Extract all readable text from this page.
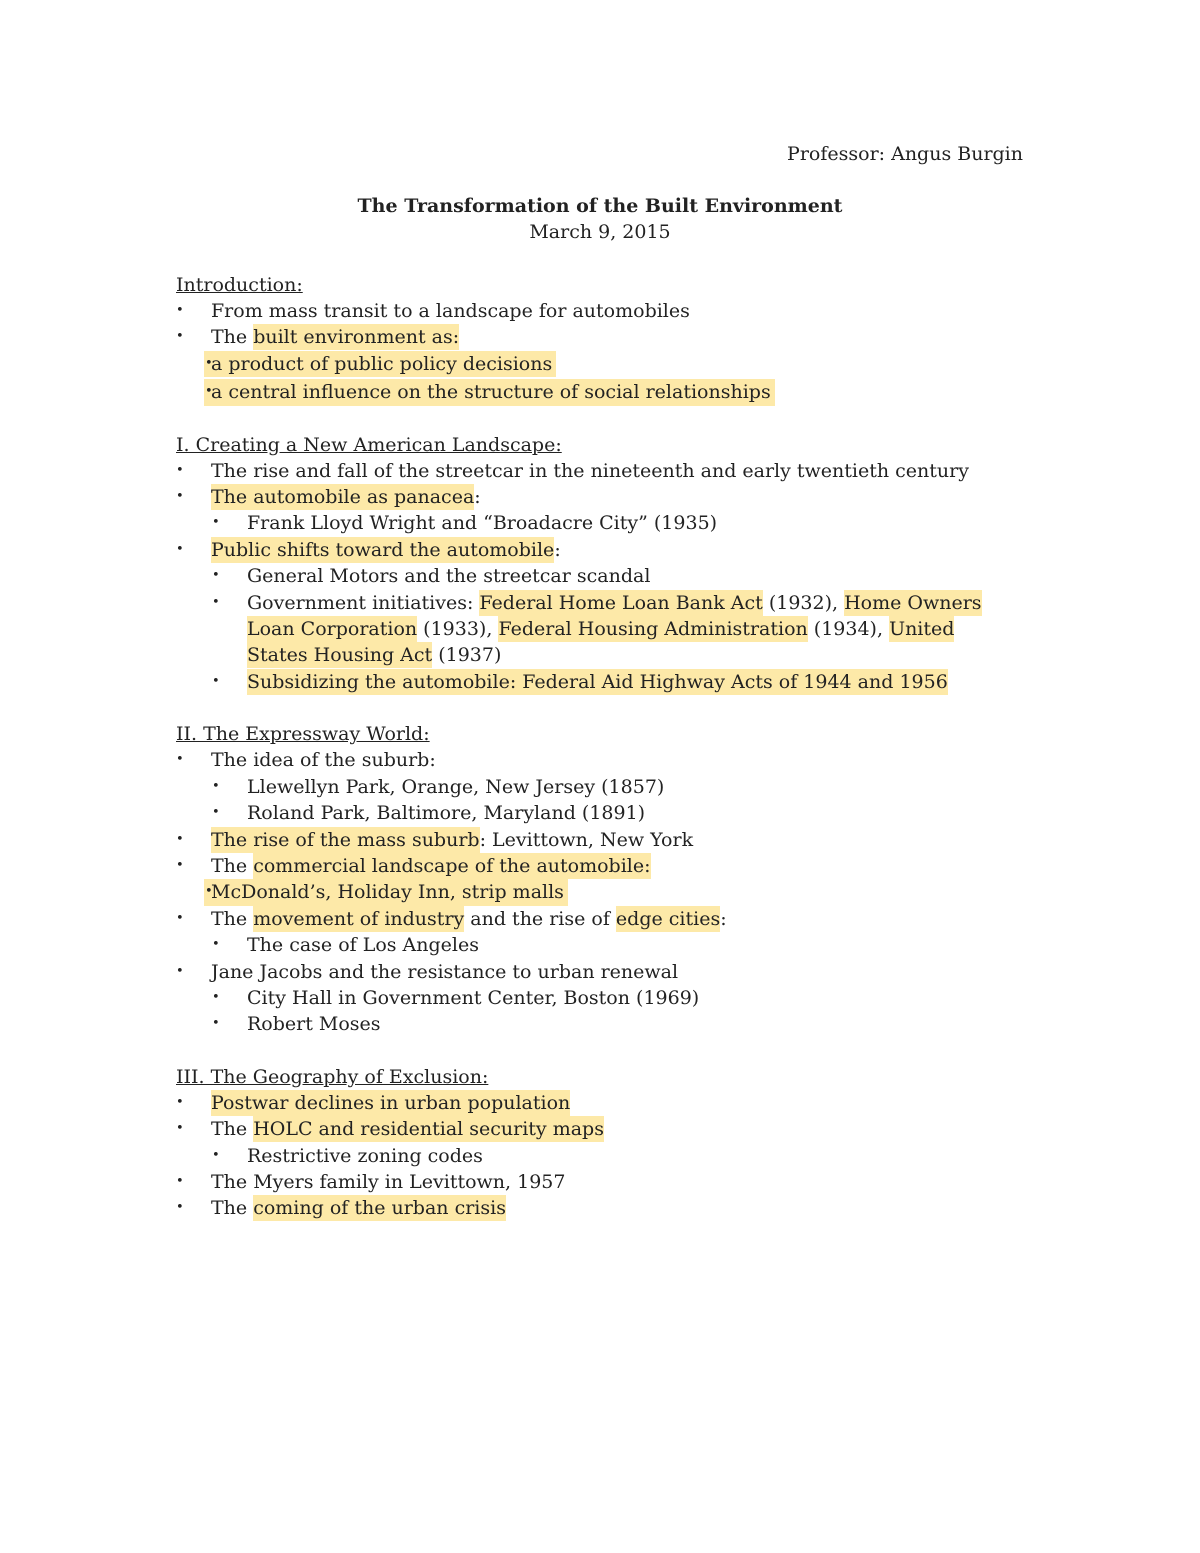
Professor: Angus Burgin
The Transformation of the Built Environment
March 9, 2015
Introduction:
• From mass transit to a landscape for automobiles
• The built environment as:
•
a product of public policy decisions
•
a central influence on the structure of social relationships
I. Creating a New American Landscape:
• The rise and fall of the streetcar in the nineteenth and early twentieth century
• The automobile as panacea:
• Frank Lloyd Wright and “Broadacre City” (1935)
• Public shifts toward the automobile:
• General Motors and the streetcar scandal
• Government initiatives: Federal Home Loan Bank Act (1932), Home Owners Loan Corporation (1933), Federal Housing Administration (1934), United States Housing Act (1937)
• Subsidizing the automobile: Federal Aid Highway Acts of 1944 and 1956
II. The Expressway World:
• The idea of the suburb:
• Llewellyn Park, Orange, New Jersey (1857)
• Roland Park, Baltimore, Maryland (1891)
• The rise of the mass suburb: Levittown, New York
• The commercial landscape of the automobile:
•
McDonald’s, Holiday Inn, strip malls
• The movement of industry and the rise of edge cities:
• The case of Los Angeles
• Jane Jacobs and the resistance to urban renewal
• City Hall in Government Center, Boston (1969)
• Robert Moses
III. The Geography of Exclusion:
• Postwar declines in urban population
• The HOLC and residential security maps
• Restrictive zoning codes
• The Myers family in Levittown, 1957
• The coming of the urban crisis
